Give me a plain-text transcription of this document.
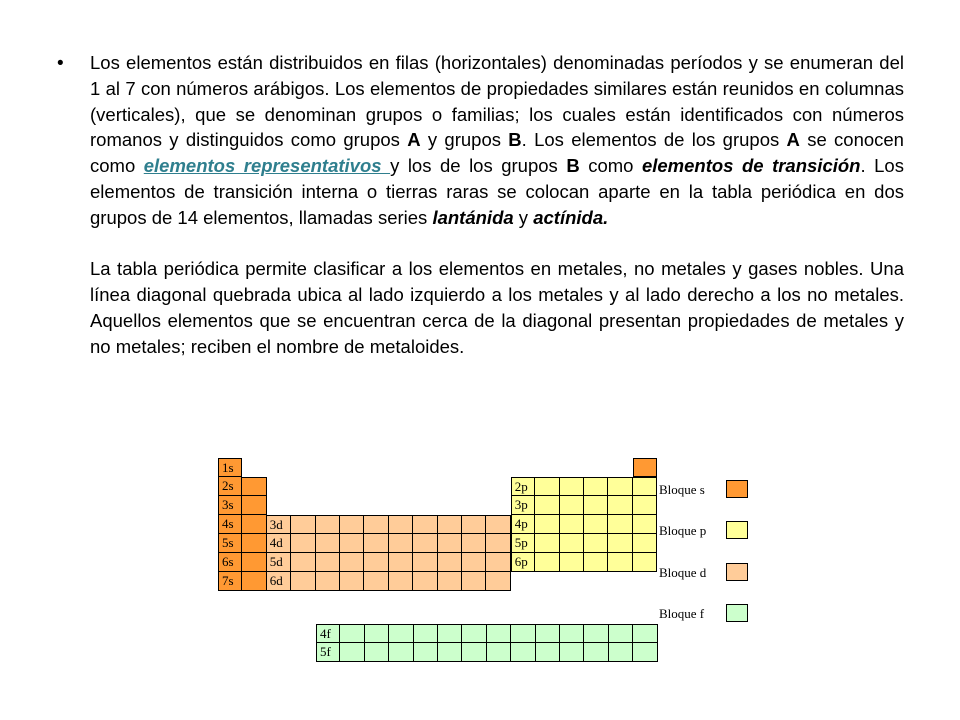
• Los elementos están distribuidos en filas (horizontales) denominadas períodos y se enumeran del 1 al 7 con números arábigos. Los elementos de propiedades similares están reunidos en columnas (verticales), que se denominan grupos o familias; los cuales están identificados con números romanos y distinguidos como grupos A y grupos B. Los elementos de los grupos A se conocen como elementos representativos y los de los grupos B como elementos de transición. Los elementos de transición interna o tierras raras se colocan aparte en la tabla periódica en dos grupos de 14 elementos, llamadas series lantánida y actínida.

La tabla periódica permite clasificar a los elementos en metales, no metales y gases nobles. Una línea diagonal quebrada ubica al lado izquierdo a los metales y al lado derecho a los no metales. Aquellos elementos que se encuentran cerca de la diagonal presentan propiedades de metales y no metales; reciben el nombre de metaloides.

1s
2s
3s
4s
5s
6s
7s
3d
4d
5d
6d
2p
3p
4p
5p
6p
4f
5f
Bloque s
Bloque p
Bloque d
Bloque f
